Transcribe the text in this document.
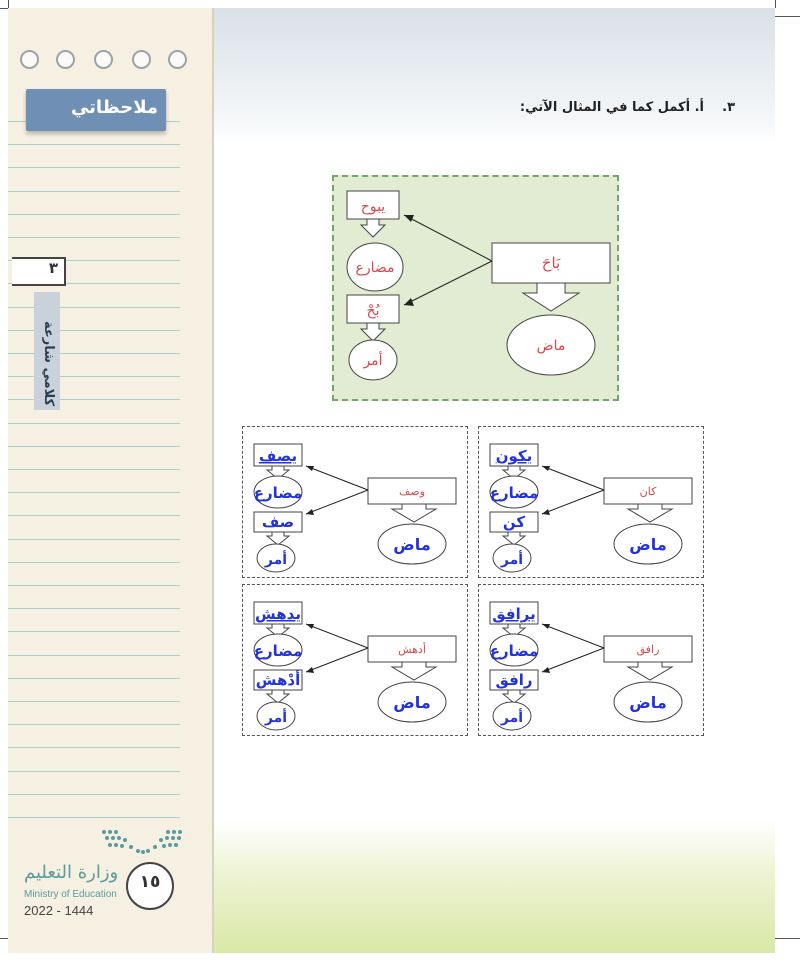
ملاحظاتي
٣
كلامي شارعة
وزارة التعليم
Ministry of Education
2022 - 1444
١٥
٣.    أ. أكمل كما في المثال الآتي:
يبوح
مضارع
بُحْ
أمر
بَاحَ
ماض
يكون
مضارع
كن
أمر
كان
ماض
يصف
مضارع
صف
أمر
وصف
ماض
يرافق
مضارع
رافق
أمر
رافق
ماض
يدهش
مضارع
أدْهش
أمر
أدهش
ماض
